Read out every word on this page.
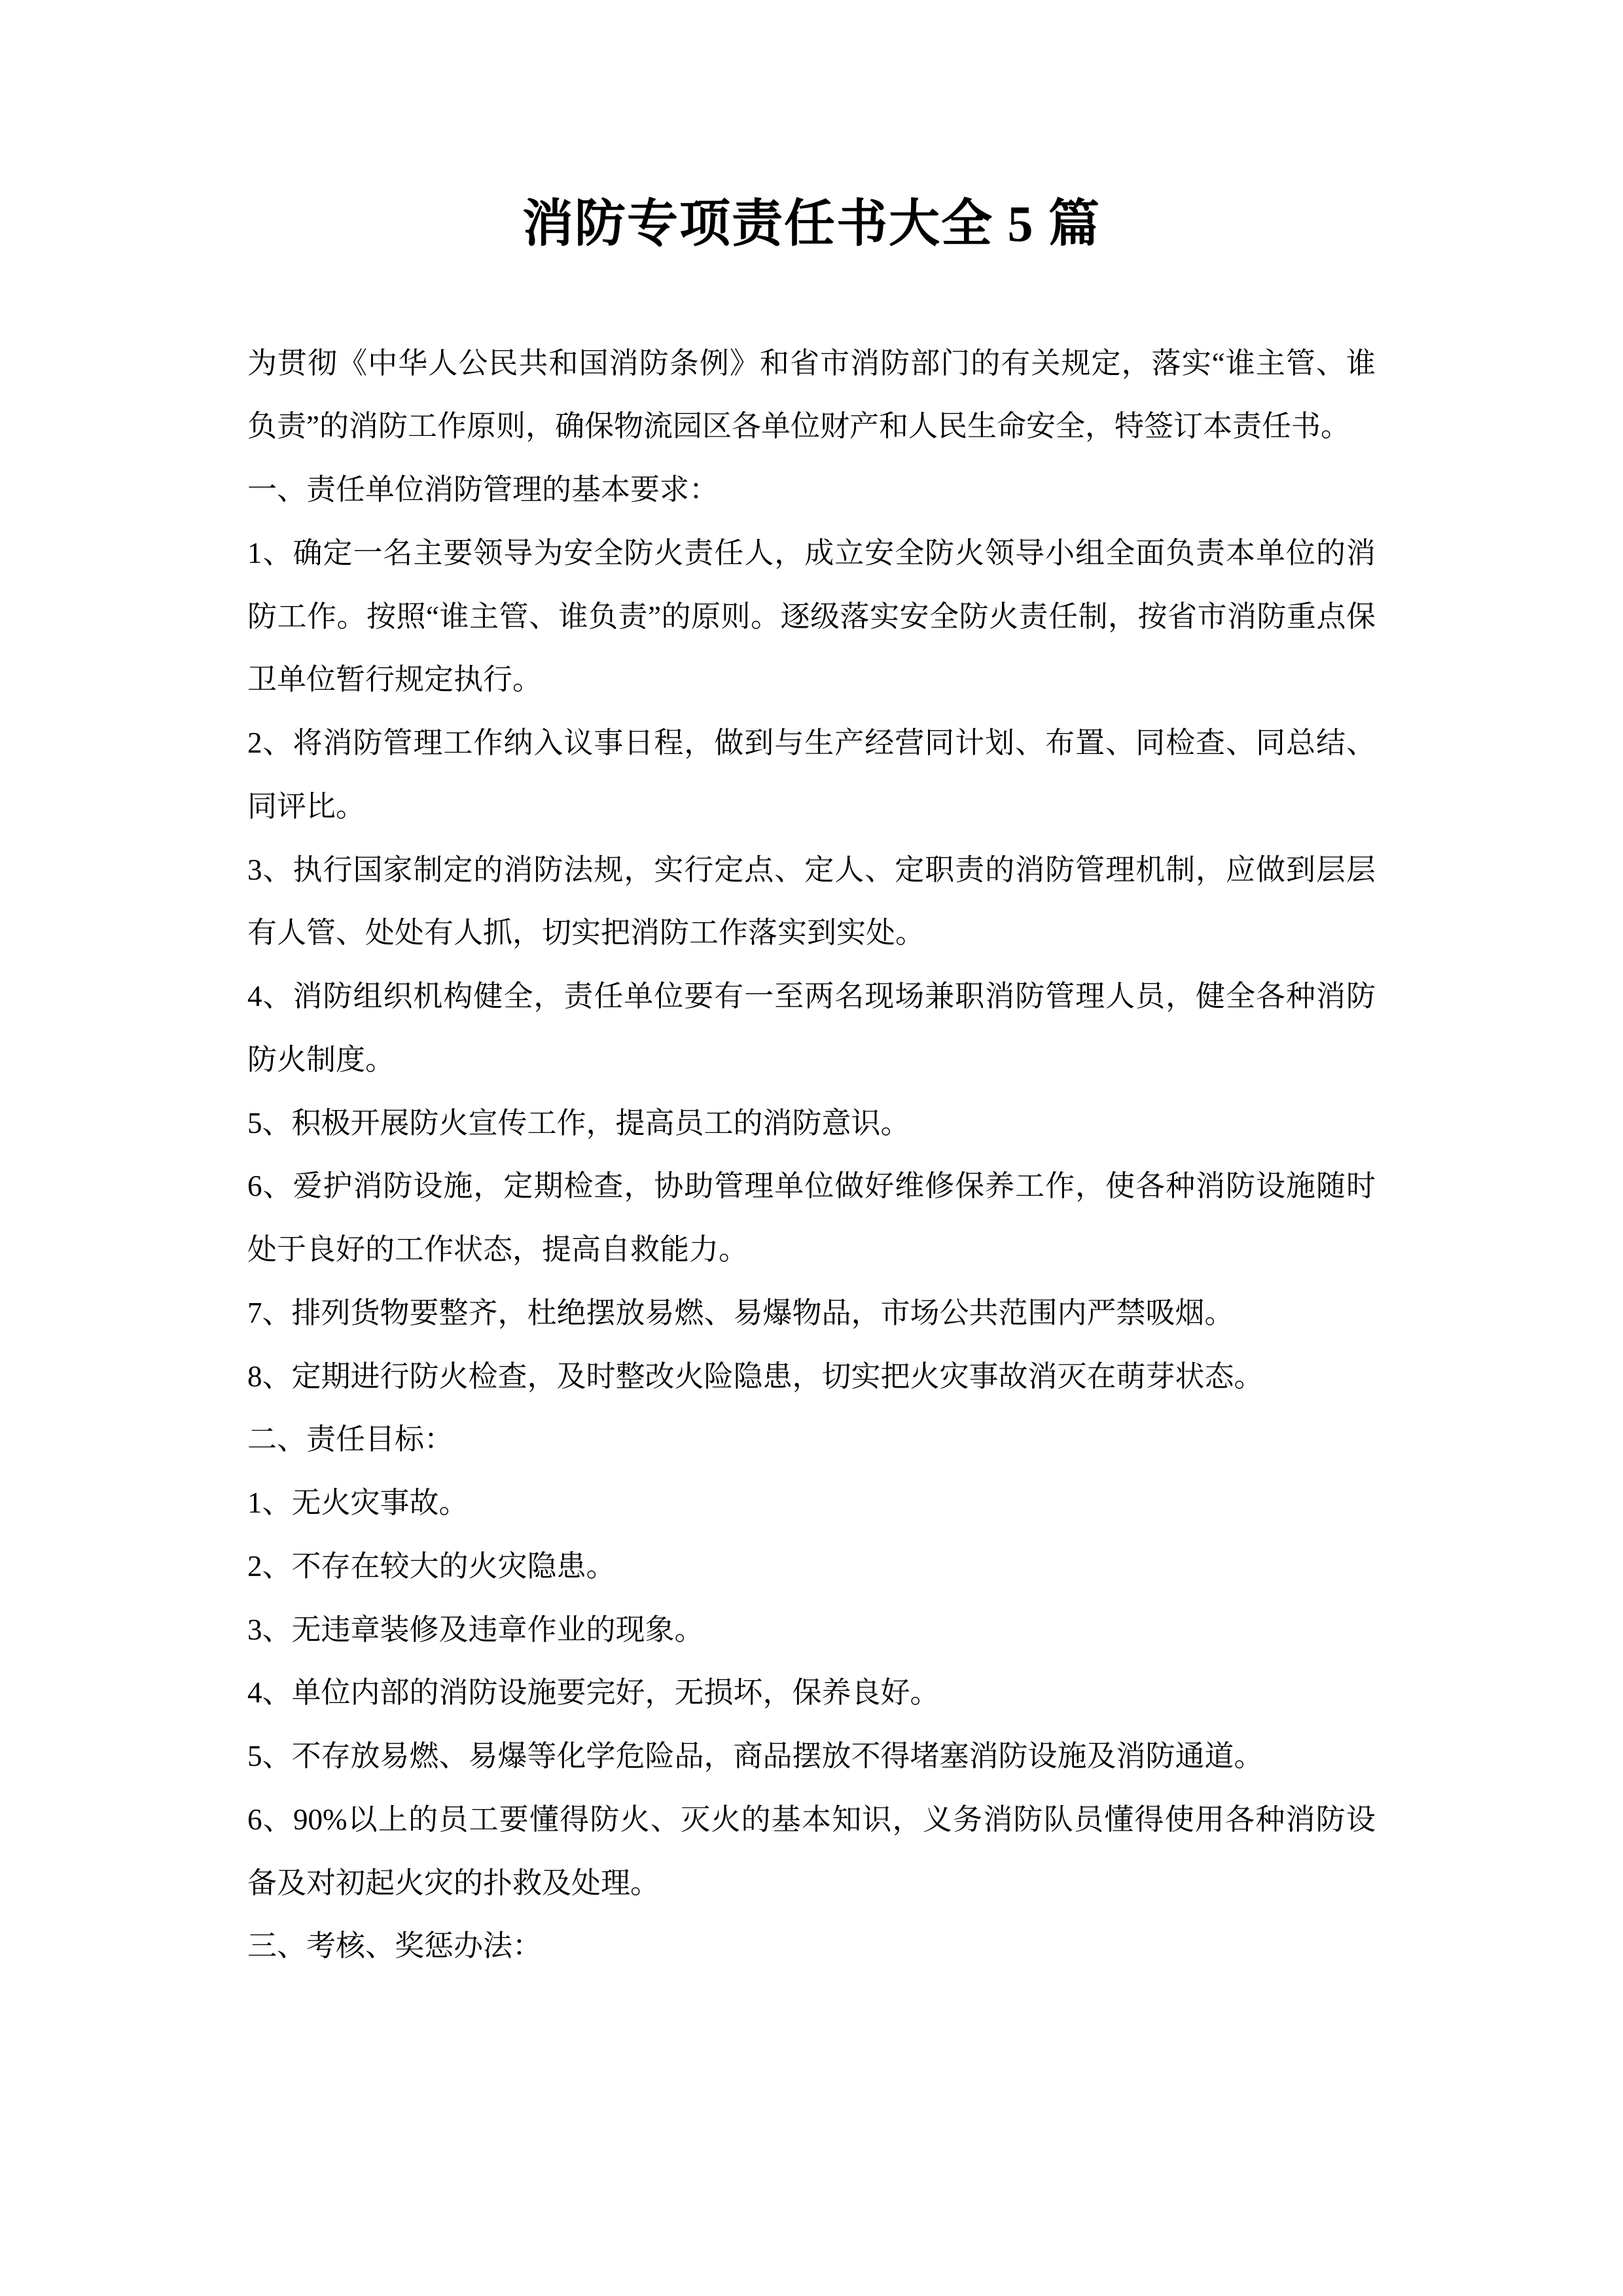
消防专项责任书大全 5 篇

为贯彻《中华人公民共和国消防条例》和省市消防部门的有关规定，落实“谁主管、谁负责”的消防工作原则，确保物流园区各单位财产和人民生命安全，特签订本责任书。

一、责任单位消防管理的基本要求：

1、确定一名主要领导为安全防火责任人，成立安全防火领导小组全面负责本单位的消防工作。按照“谁主管、谁负责”的原则。逐级落实安全防火责任制，按省市消防重点保卫单位暂行规定执行。

2、将消防管理工作纳入议事日程，做到与生产经营同计划、布置、同检查、同总结、同评比。

3、执行国家制定的消防法规，实行定点、定人、定职责的消防管理机制，应做到层层有人管、处处有人抓，切实把消防工作落实到实处。

4、消防组织机构健全，责任单位要有一至两名现场兼职消防管理人员，健全各种消防防火制度。

5、积极开展防火宣传工作，提高员工的消防意识。

6、爱护消防设施，定期检查，协助管理单位做好维修保养工作，使各种消防设施随时处于良好的工作状态，提高自救能力。

7、排列货物要整齐，杜绝摆放易燃、易爆物品，市场公共范围内严禁吸烟。

8、定期进行防火检查，及时整改火险隐患，切实把火灾事故消灭在萌芽状态。

二、责任目标：

1、无火灾事故。

2、不存在较大的火灾隐患。

3、无违章装修及违章作业的现象。

4、单位内部的消防设施要完好，无损坏，保养良好。

5、不存放易燃、易爆等化学危险品，商品摆放不得堵塞消防设施及消防通道。

6、90%以上的员工要懂得防火、灭火的基本知识，义务消防队员懂得使用各种消防设备及对初起火灾的扑救及处理。

三、考核、奖惩办法：
